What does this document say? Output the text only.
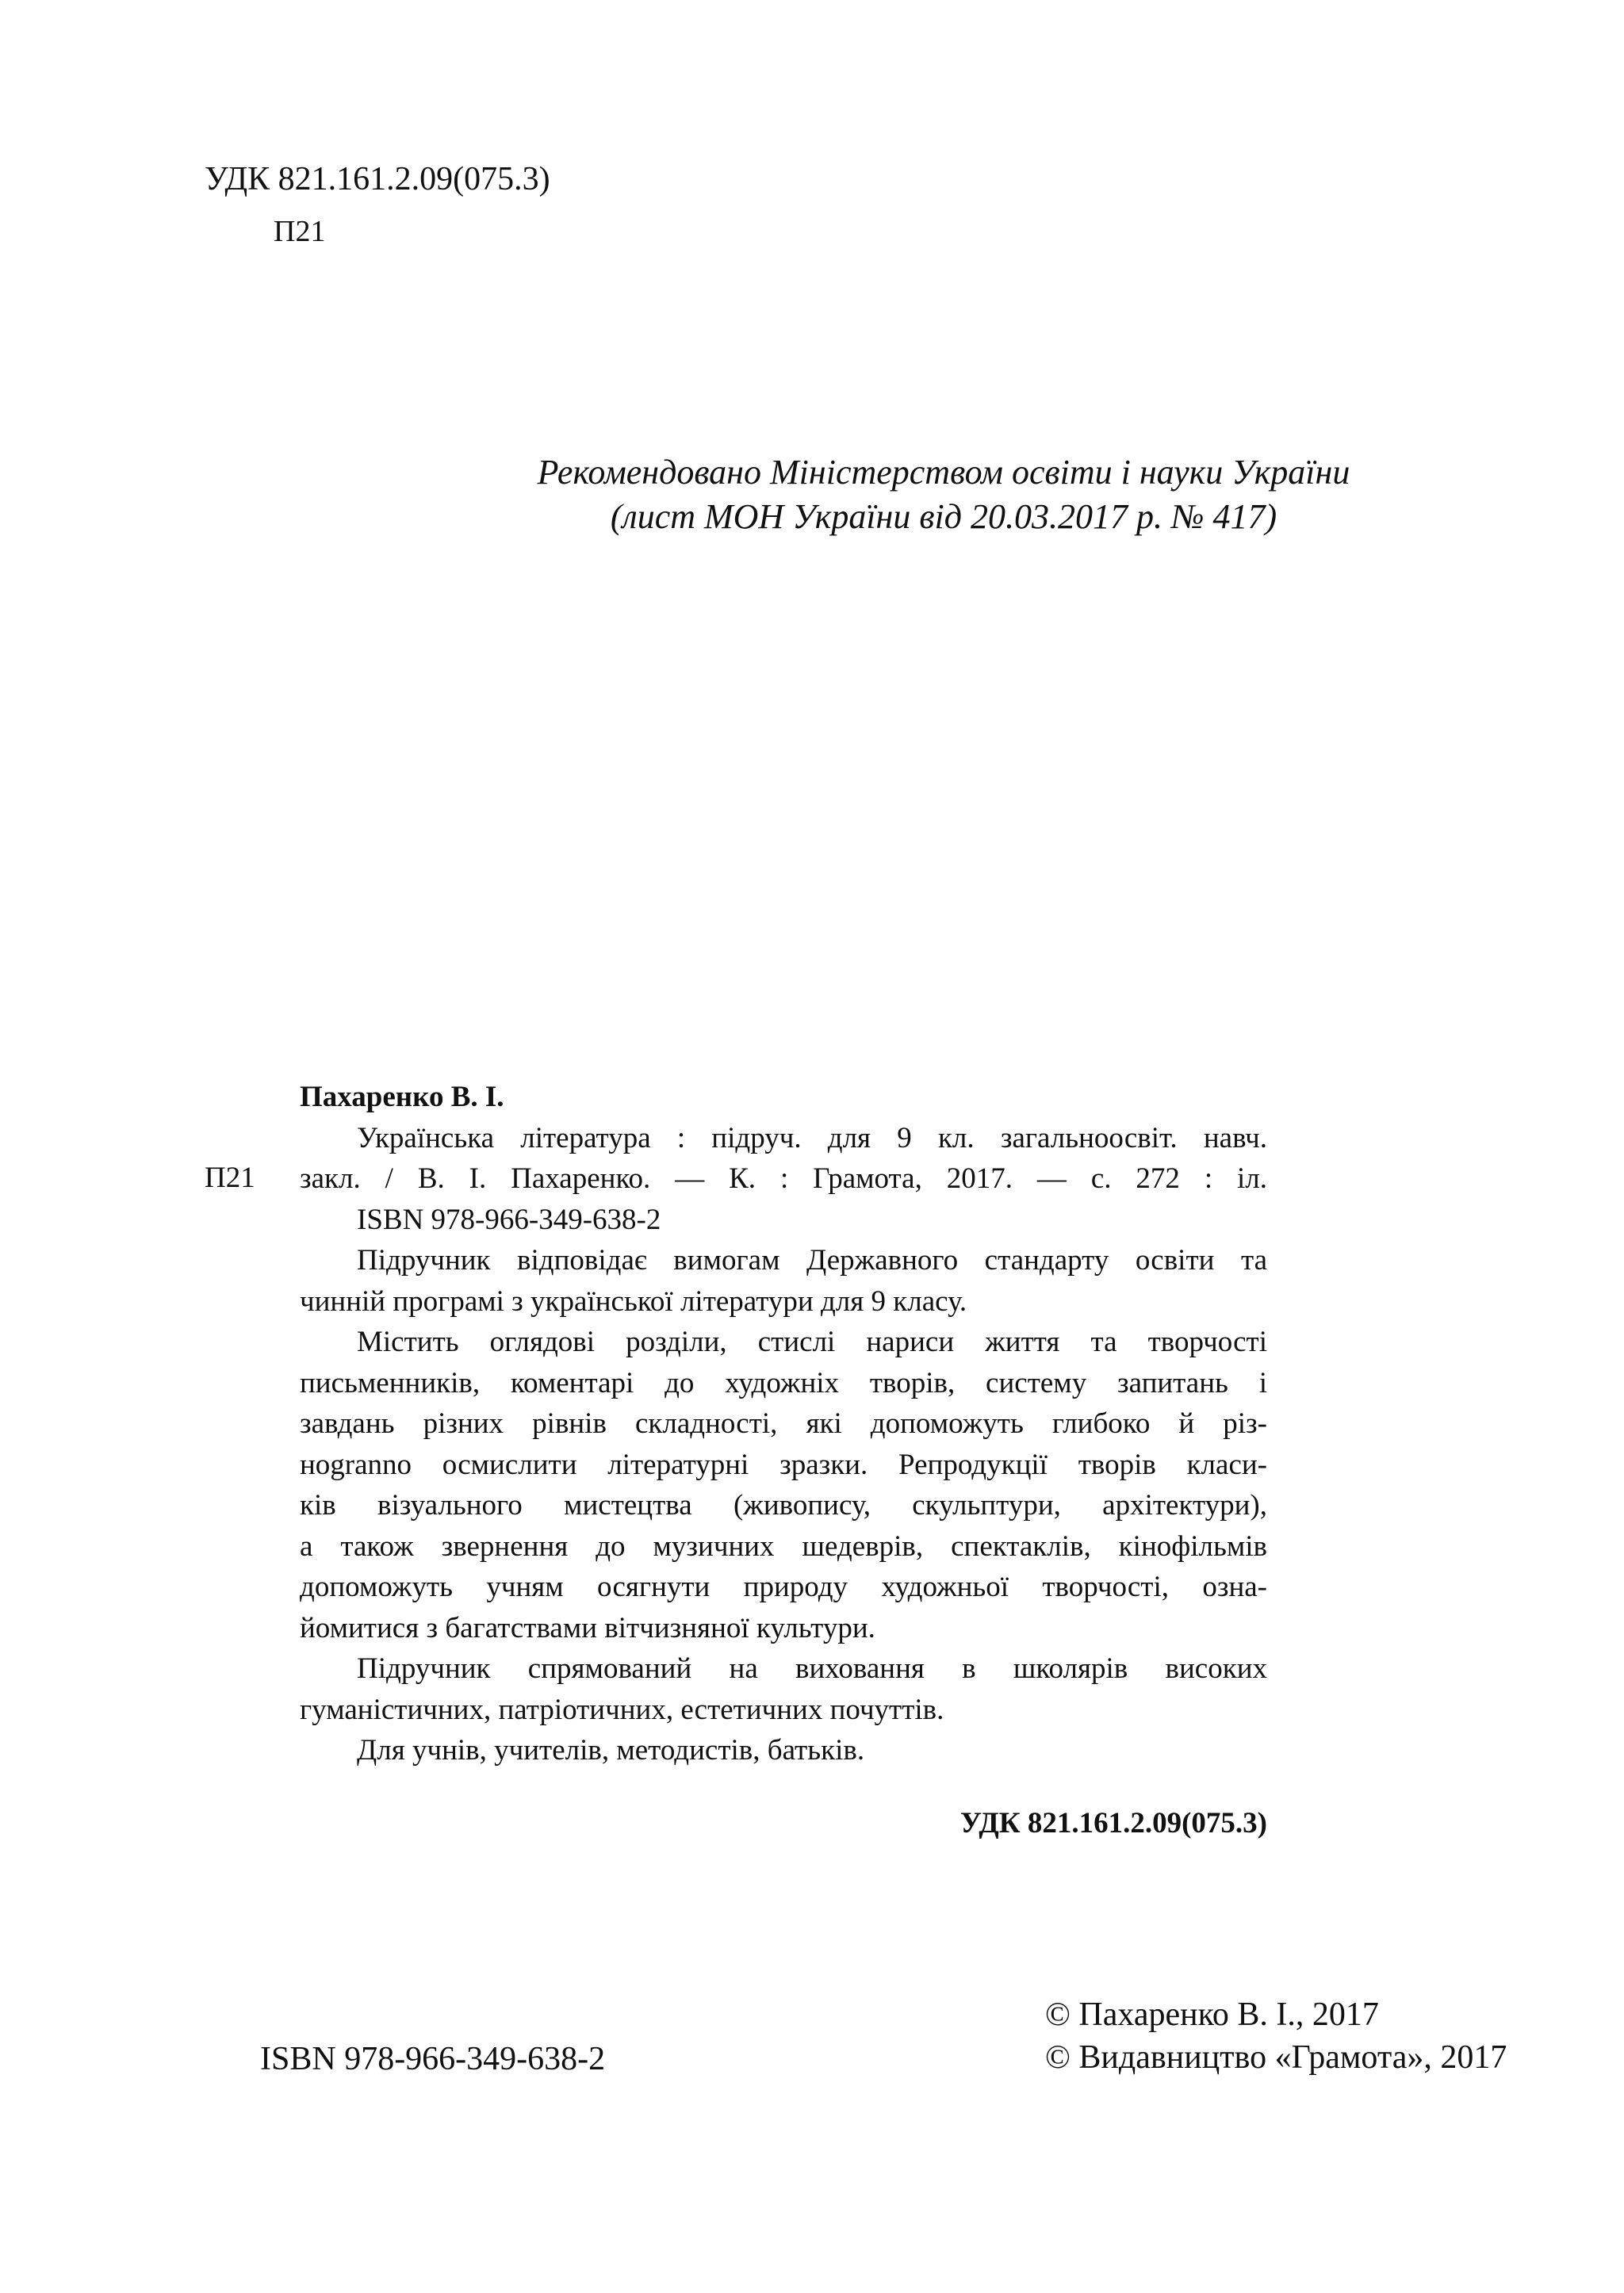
УДК 821.161.2.09(075.3)
П21
Рекомендовано Міністерством освіти і науки України
(лист МОН України від 20.03.2017 р. № 417)
П21
Пахаренко В. І.
Українська література : підруч. для 9 кл. загальноосвіт. навч.
закл. / В. І. Пахаренко. — К. : Грамота, 2017. — с. 272 : іл.
ISBN 978-966-349-638-2
Підручник відповідає вимогам Державного стандарту освіти та
чинній програмі з української літератури для 9 класу.
Містить оглядові розділи, стислі нариси життя та творчості
письменників, коментарі до художніх творів, систему запитань і
завдань різних рівнів складності, які допоможуть глибоко й різ-
нogranno осмислити літературні зразки. Репродукції творів класи-
ків візуального мистецтва (живопису, скульптури, архітектури),
а також звернення до музичних шедеврів, спектаклів, кінофільмів
допоможуть учням осягнути природу художньої творчості, озна-
йомитися з багатствами вітчизняної культури.
Підручник спрямований на виховання в школярів високих
гуманістичних, патріотичних, естетичних почуттів.
Для учнів, учителів, методистів, батьків.
УДК 821.161.2.09(075.3)
ISBN 978-966-349-638-2
© Пахаренко В. І., 2017
© Видавництво «Грамота», 2017
